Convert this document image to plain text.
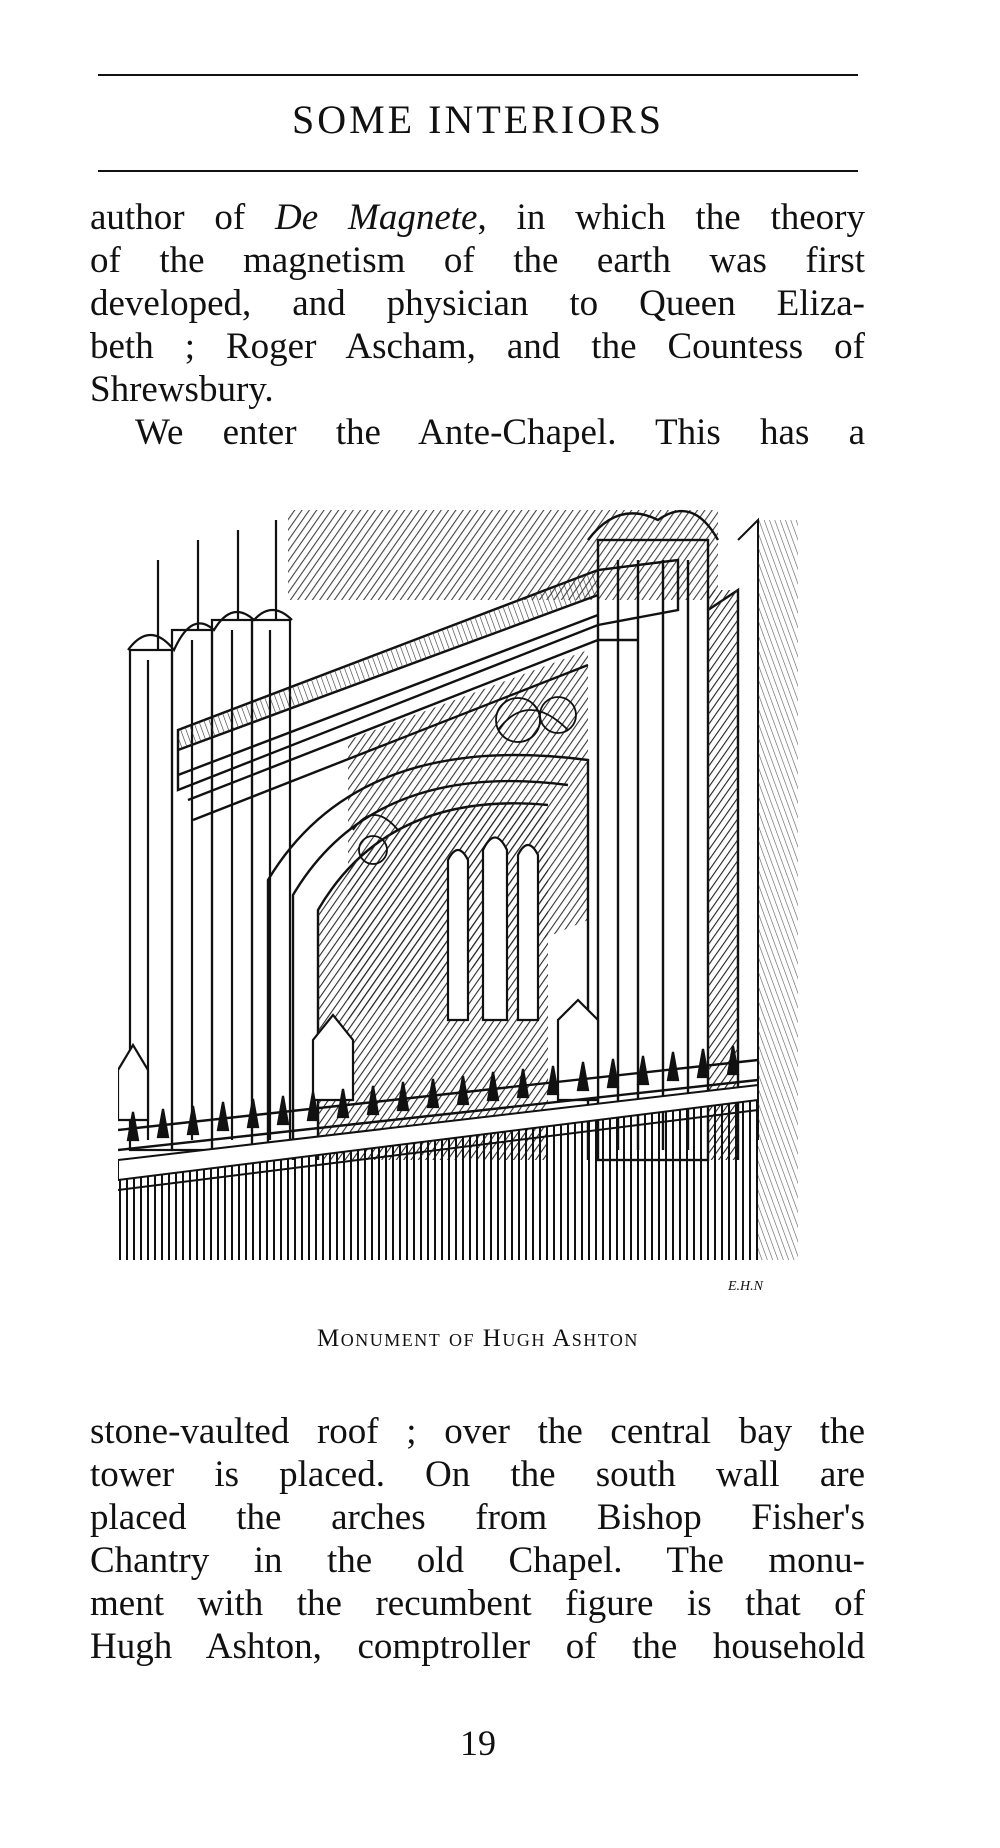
SOME INTERIORS
author of De Magnete, in which the theory
of the magnetism of the earth was first
developed, and physician to Queen Eliza-
beth ; Roger Ascham, and the Countess of
Shrewsbury.
We enter the Ante-Chapel. This has a
E.H.N
Monument of Hugh Ashton
stone-vaulted roof ; over the central bay the
tower is placed. On the south wall are
placed the arches from Bishop Fisher's
Chantry in the old Chapel. The monu-
ment with the recumbent figure is that of
Hugh Ashton, comptroller of the household
19
